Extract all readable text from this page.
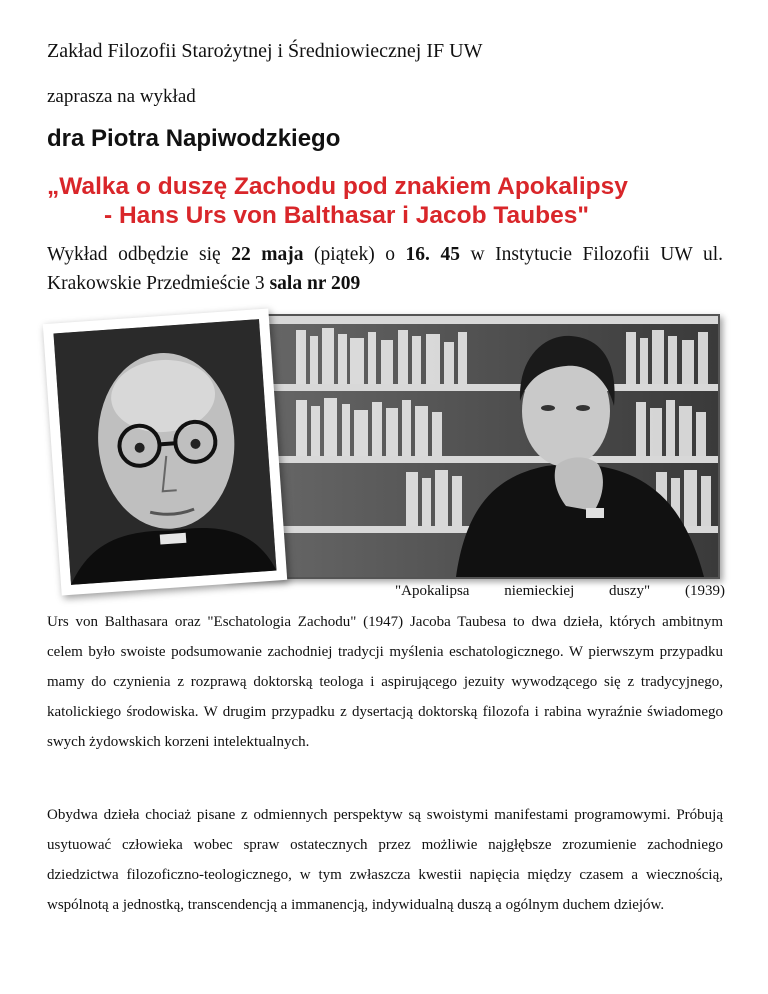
Zakład Filozofii Starożytnej i Średniowiecznej IF UW
zaprasza na wykład
dra Piotra Napiwodzkiego
„Walka o duszę Zachodu pod znakiem Apokalipsy
- Hans Urs von Balthasar i Jacob Taubes"
Wykład odbędzie się 22 maja (piątek) o 16. 45 w Instytucie Filozofii UW ul. Krakowskie Przedmieście 3 sala nr 209
"Apokalipsa niemieckiej duszy" (1939)
Urs von Balthasara oraz "Eschatologia Zachodu" (1947) Jacoba Taubesa to dwa dzieła, których ambitnym celem było swoiste podsumowanie zachodniej tradycji myślenia eschatologicznego. W pierwszym przypadku mamy do czynienia z rozprawą doktorską teologa i aspirującego jezuity wywodzącego się z tradycyjnego, katolickiego środowiska. W drugim przypadku z dysertacją doktorską filozofa i rabina wyraźnie świadomego swych żydowskich korzeni intelektualnych.
Obydwa dzieła chociaż pisane z odmiennych perspektyw są swoistymi manifestami programowymi. Próbują usytuować człowieka wobec spraw ostatecznych przez możliwie najgłębsze zrozumienie zachodniego dziedzictwa filozoficzno-teologicznego, w tym zwłaszcza kwestii napięcia między czasem a wiecznością, wspólnotą a jednostką, transcendencją a immanencją, indywidualną duszą a ogólnym duchem dziejów.
